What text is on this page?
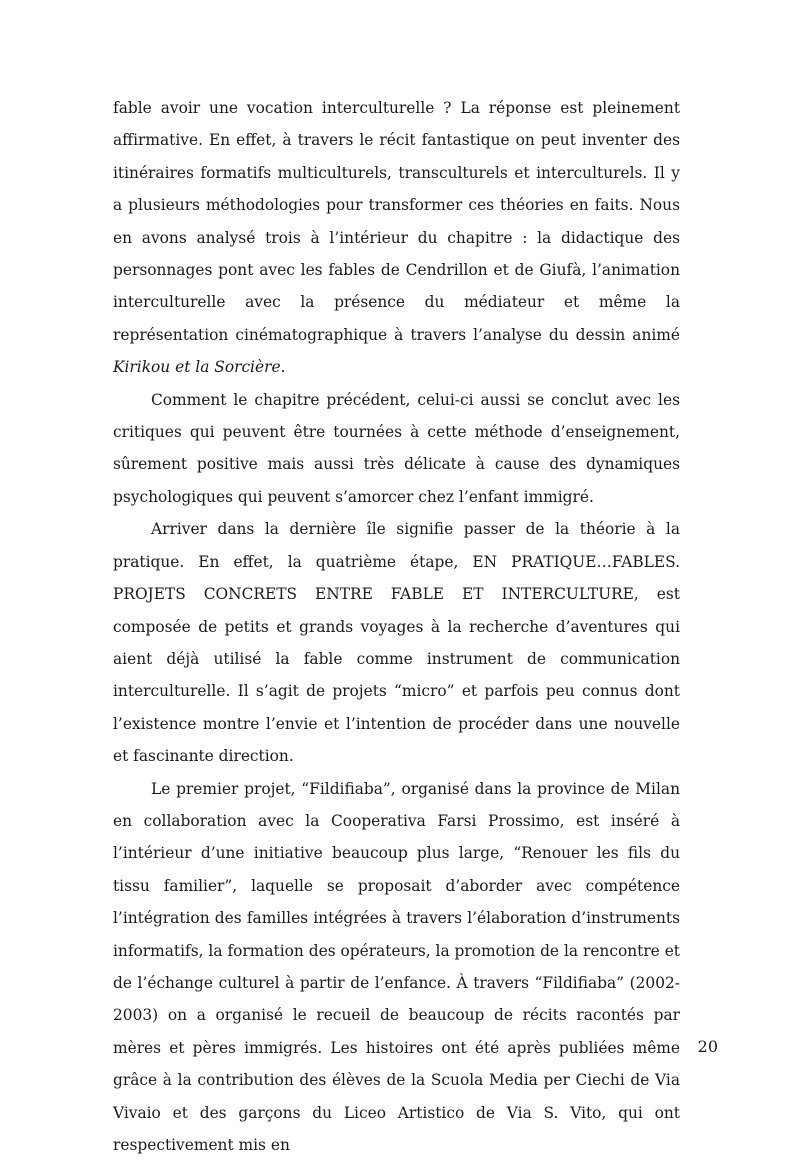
fable avoir une vocation interculturelle ? La réponse est pleinement affirmative. En effet, à travers le récit fantastique on peut inventer des itinéraires formatifs multiculturels, transculturels et interculturels. Il y a plusieurs méthodologies pour transformer ces théories en faits. Nous en avons analysé trois à l’intérieur du chapitre : la didactique des personnages pont avec les fables de Cendrillon et de Giufà, l’animation interculturelle avec la présence du médiateur et même la représentation cinématographique à travers l’analyse du dessin animé Kirikou et la Sorcière.

Comment le chapitre précédent, celui-ci aussi se conclut avec les critiques qui peuvent être tournées à cette méthode d’enseignement, sûrement positive mais aussi très délicate à cause des dynamiques psychologiques qui peuvent s’amorcer chez l’enfant immigré.

Arriver dans la dernière île signifie passer de la théorie à la pratique. En effet, la quatrième étape, EN PRATIQUE…FABLES. PROJETS CONCRETS ENTRE FABLE ET INTERCULTURE, est composée de petits et grands voyages à la recherche d’aventures qui aient déjà utilisé la fable comme instrument de communication interculturelle. Il s’agit de projets “micro” et parfois peu connus dont l’existence montre l’envie et l’intention de procéder dans une nouvelle et fascinante direction.

Le premier projet, “Fildifiaba”, organisé dans la province de Milan en collaboration avec la Cooperativa Farsi Prossimo, est inséré à l’intérieur d’une initiative beaucoup plus large, “Renouer les fils du tissu familier”, laquelle se proposait d’aborder avec compétence l’intégration des familles intégrées à travers l’élaboration d’instruments informatifs, la formation des opérateurs, la promotion de la rencontre et de l’échange culturel à partir de l’enfance. À travers “Fildifiaba” (2002-2003) on a organisé le recueil de beaucoup de récits racontés par mères et pères immigrés. Les histoires ont été après publiées même grâce à la contribution des élèves de la Scuola Media per Ciechi de Via Vivaio et des garçons du Liceo Artistico de Via S. Vito, qui ont respectivement mis en

20
